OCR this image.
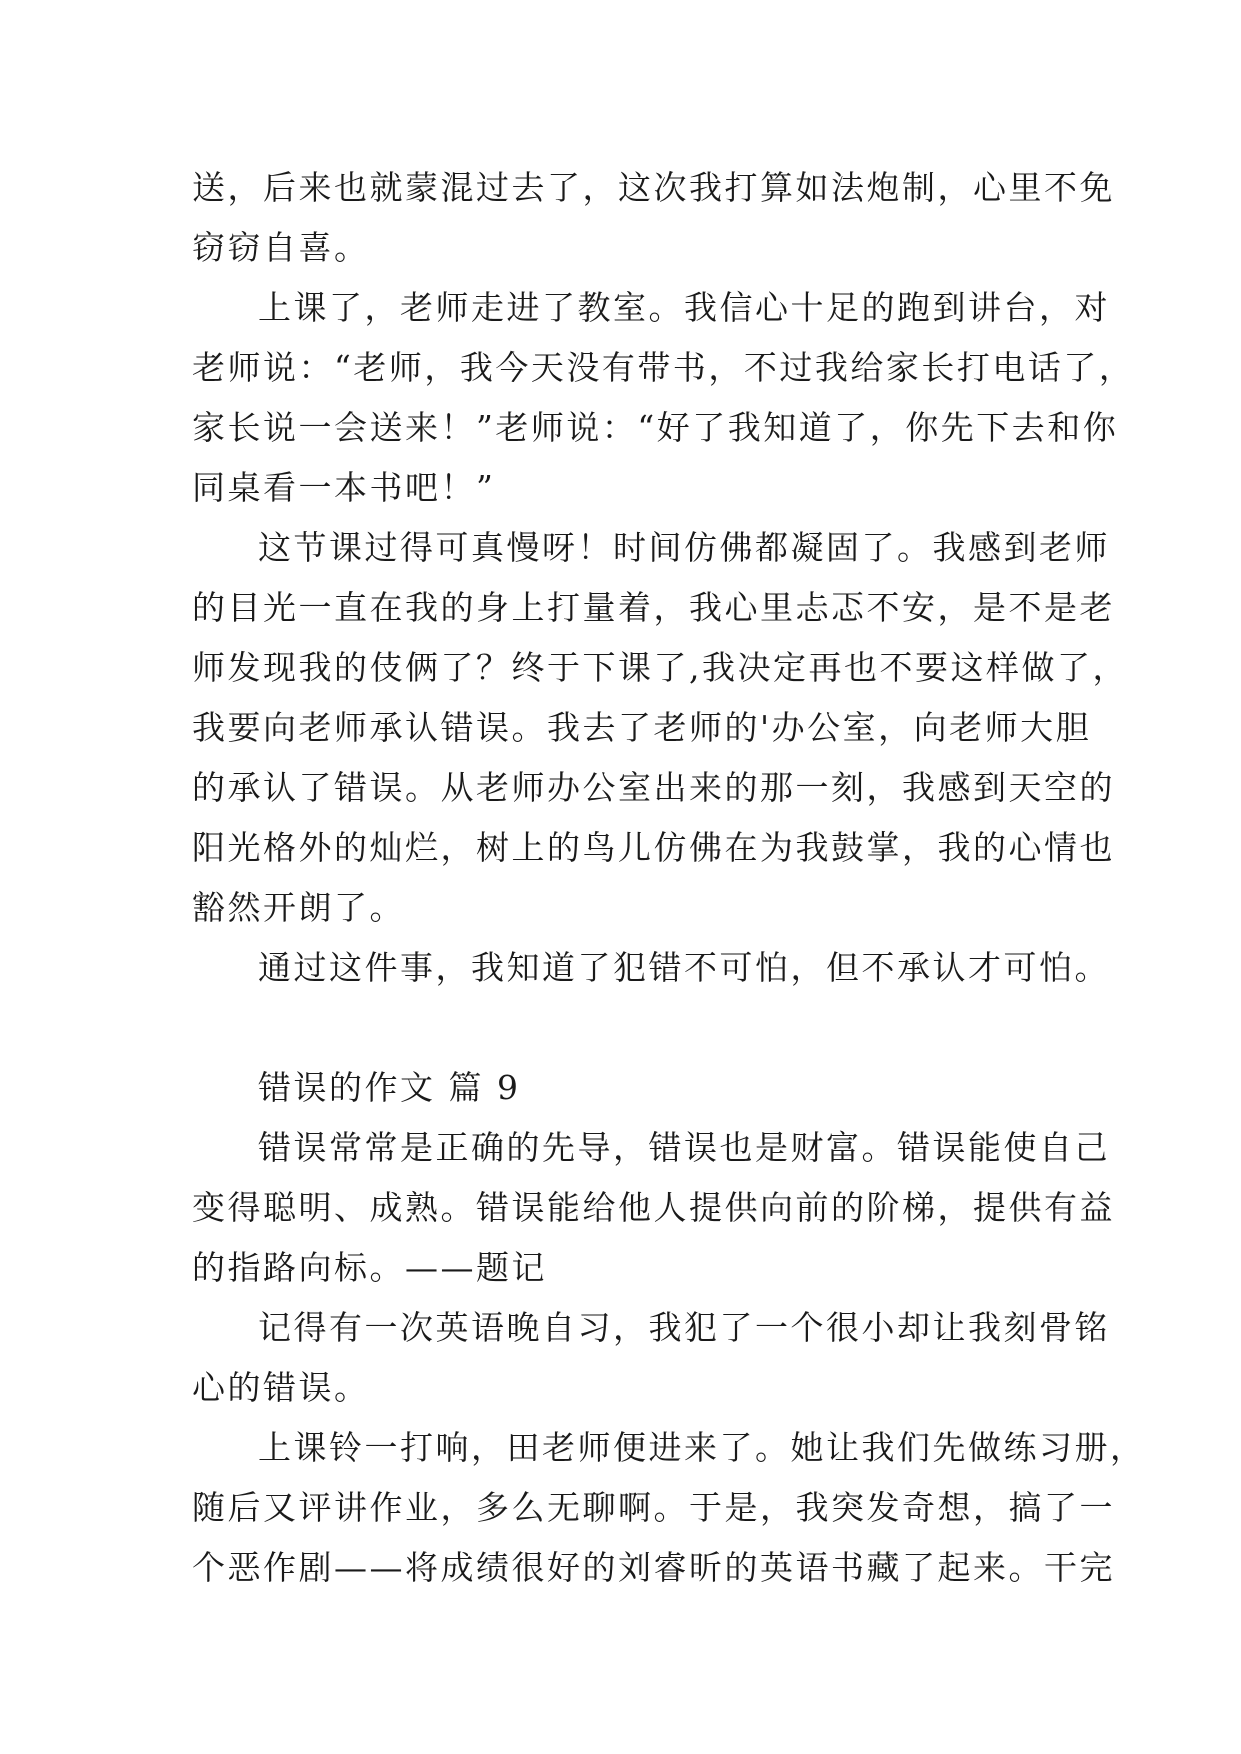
送，后来也就蒙混过去了，这次我打算如法炮制，心里不免
窃窃自喜。
上课了，老师走进了教室。我信心十足的跑到讲台，对
老师说：“老师，我今天没有带书，不过我给家长打电话了，
家长说一会送来！”老师说：“好了我知道了，你先下去和你
同桌看一本书吧！”
这节课过得可真慢呀！时间仿佛都凝固了。我感到老师
的目光一直在我的身上打量着，我心里忐忑不安，是不是老
师发现我的伎俩了？终于下课了,我决定再也不要这样做了，
我要向老师承认错误。我去了老师的'办公室，向老师大胆
的承认了错误。从老师办公室出来的那一刻，我感到天空的
阳光格外的灿烂，树上的鸟儿仿佛在为我鼓掌，我的心情也
豁然开朗了。
通过这件事，我知道了犯错不可怕，但不承认才可怕。
错误的作文 篇 9
错误常常是正确的先导，错误也是财富。错误能使自己
变得聪明、成熟。错误能给他人提供向前的阶梯，提供有益
的指路向标。——题记
记得有一次英语晚自习，我犯了一个很小却让我刻骨铭
心的错误。
上课铃一打响，田老师便进来了。她让我们先做练习册，
随后又评讲作业，多么无聊啊。于是，我突发奇想，搞了一
个恶作剧——将成绩很好的刘睿昕的英语书藏了起来。干完
